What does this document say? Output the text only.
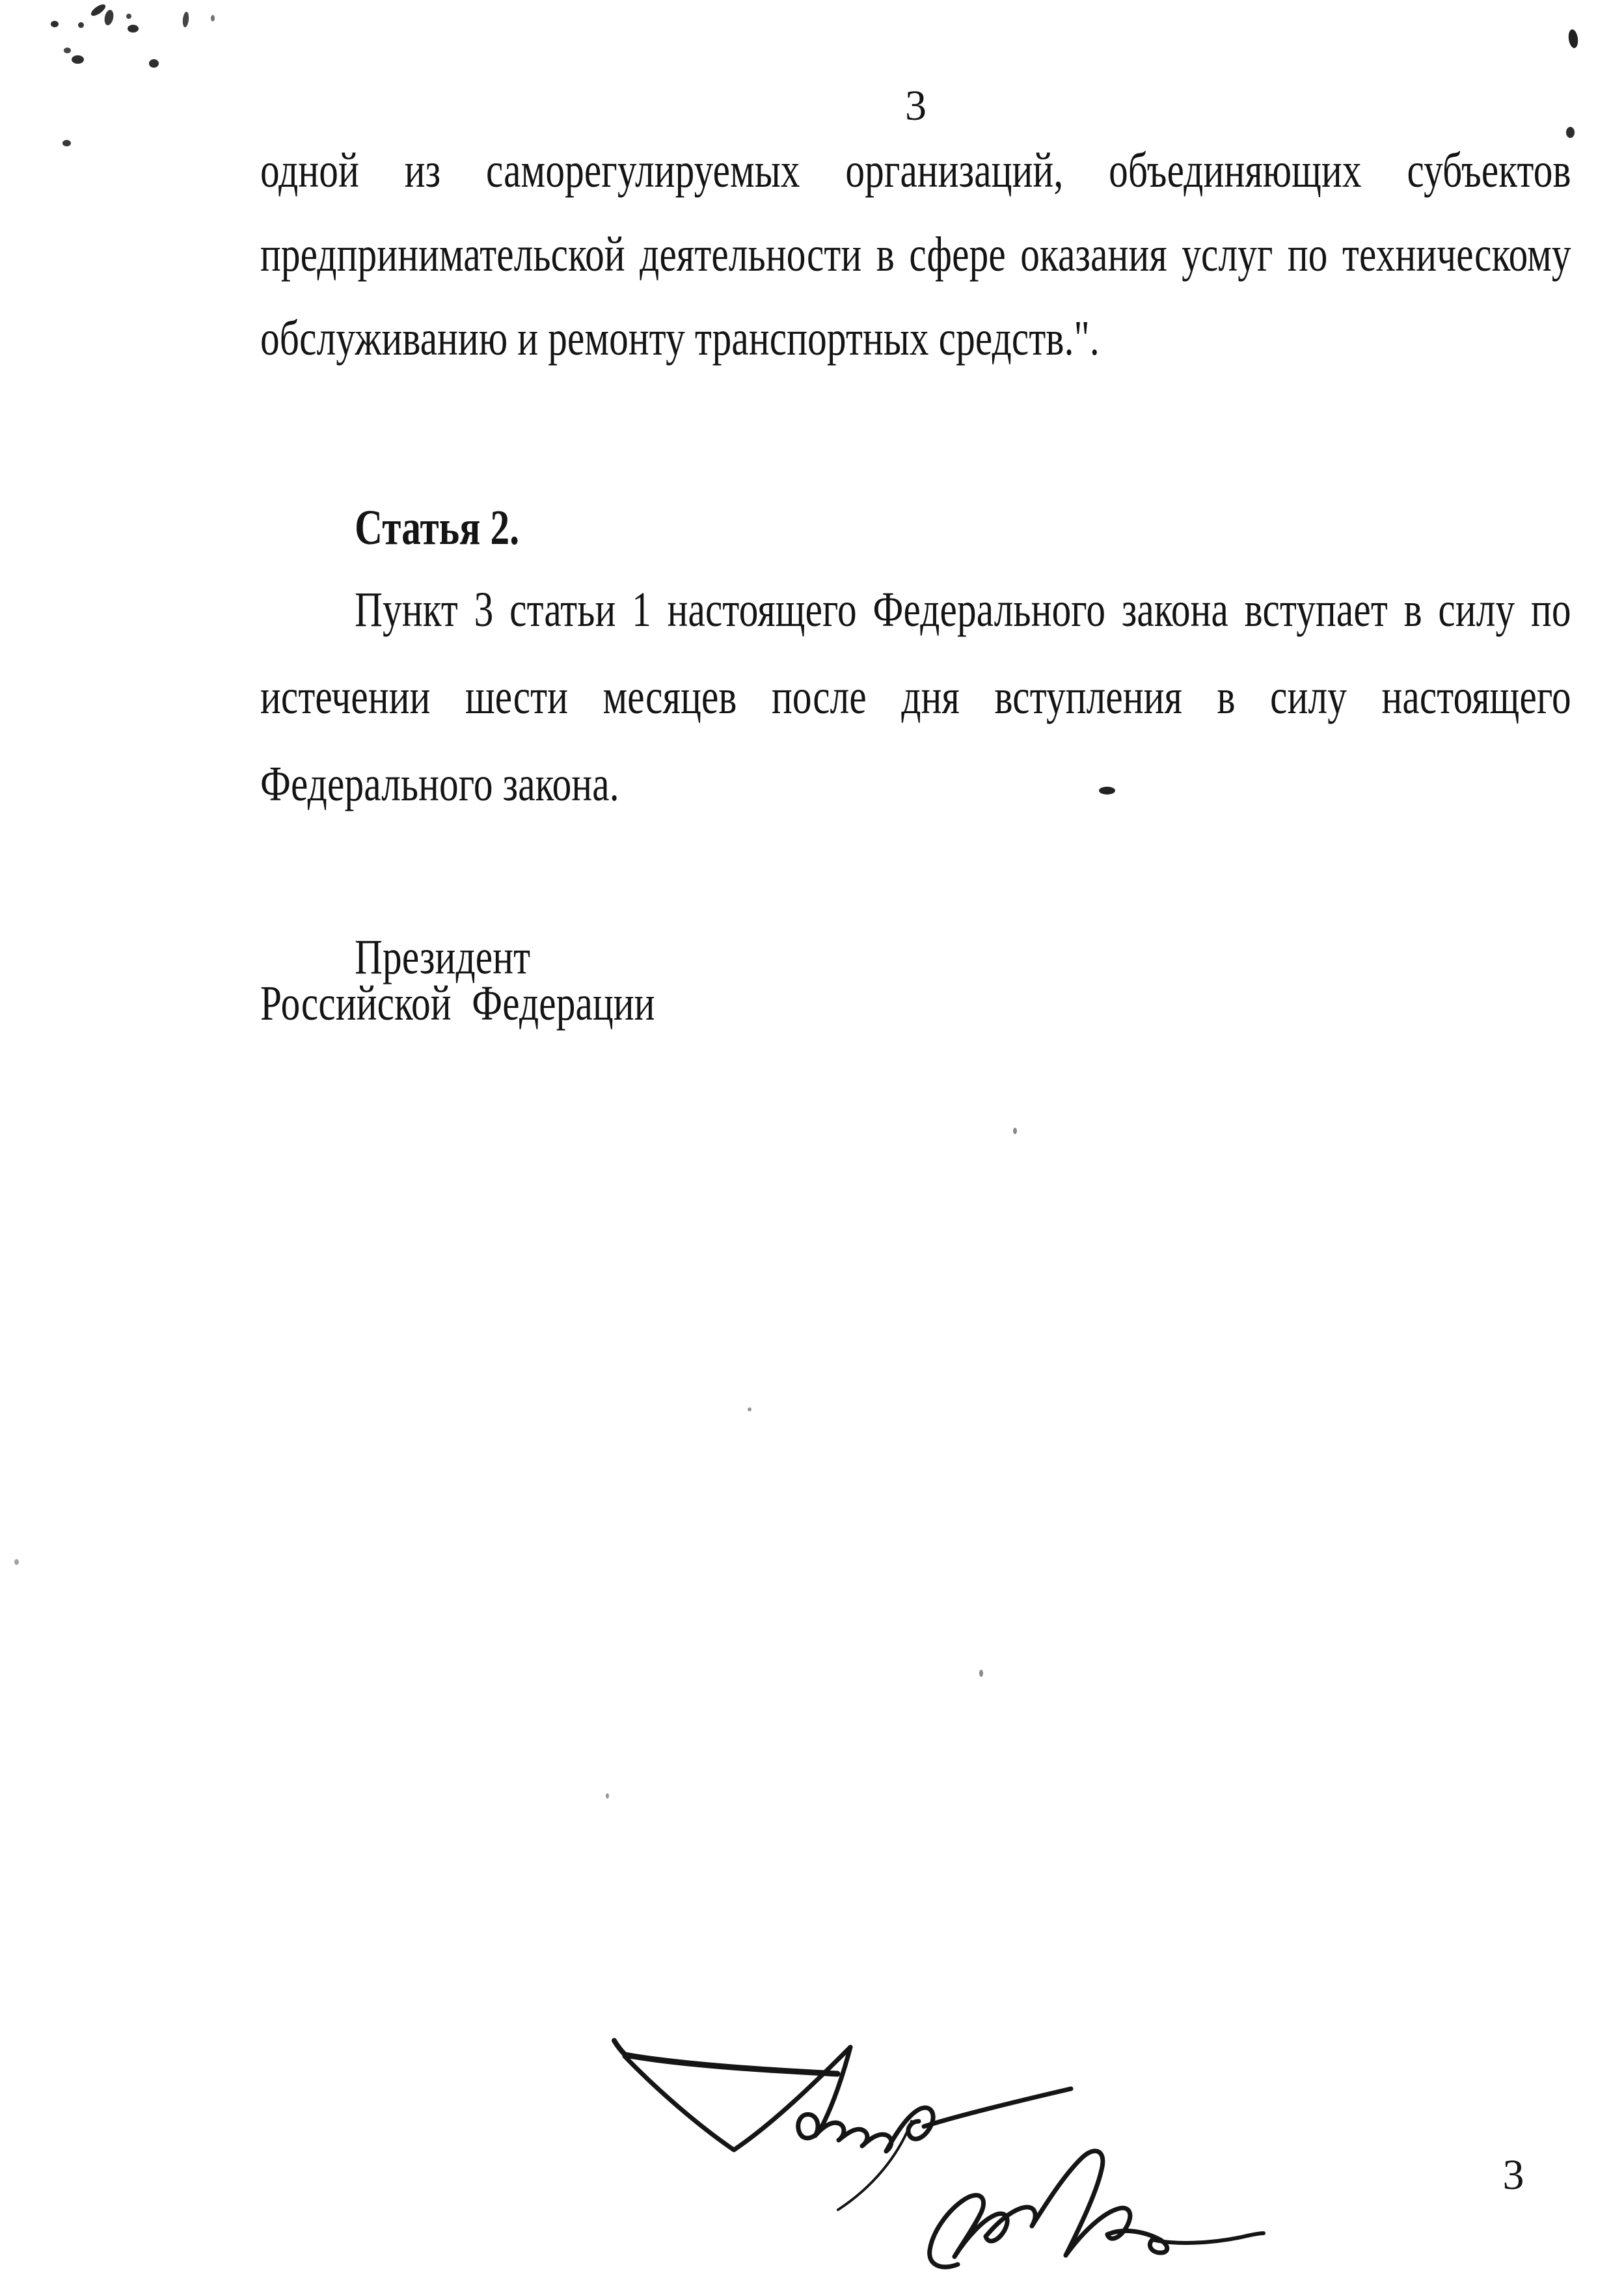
3
одной из саморегулируемых организаций, объединяющих субъектов
предпринимательской деятельности в сфере оказания услуг по техническому
обслуживанию и ремонту транспортных средств.".
Статья 2.
Пункт 3 статьи 1 настоящего Федерального закона вступает в силу по
истечении шести месяцев после дня вступления в силу настоящего
Федерального закона.
Президент
Российской Федерации
3
